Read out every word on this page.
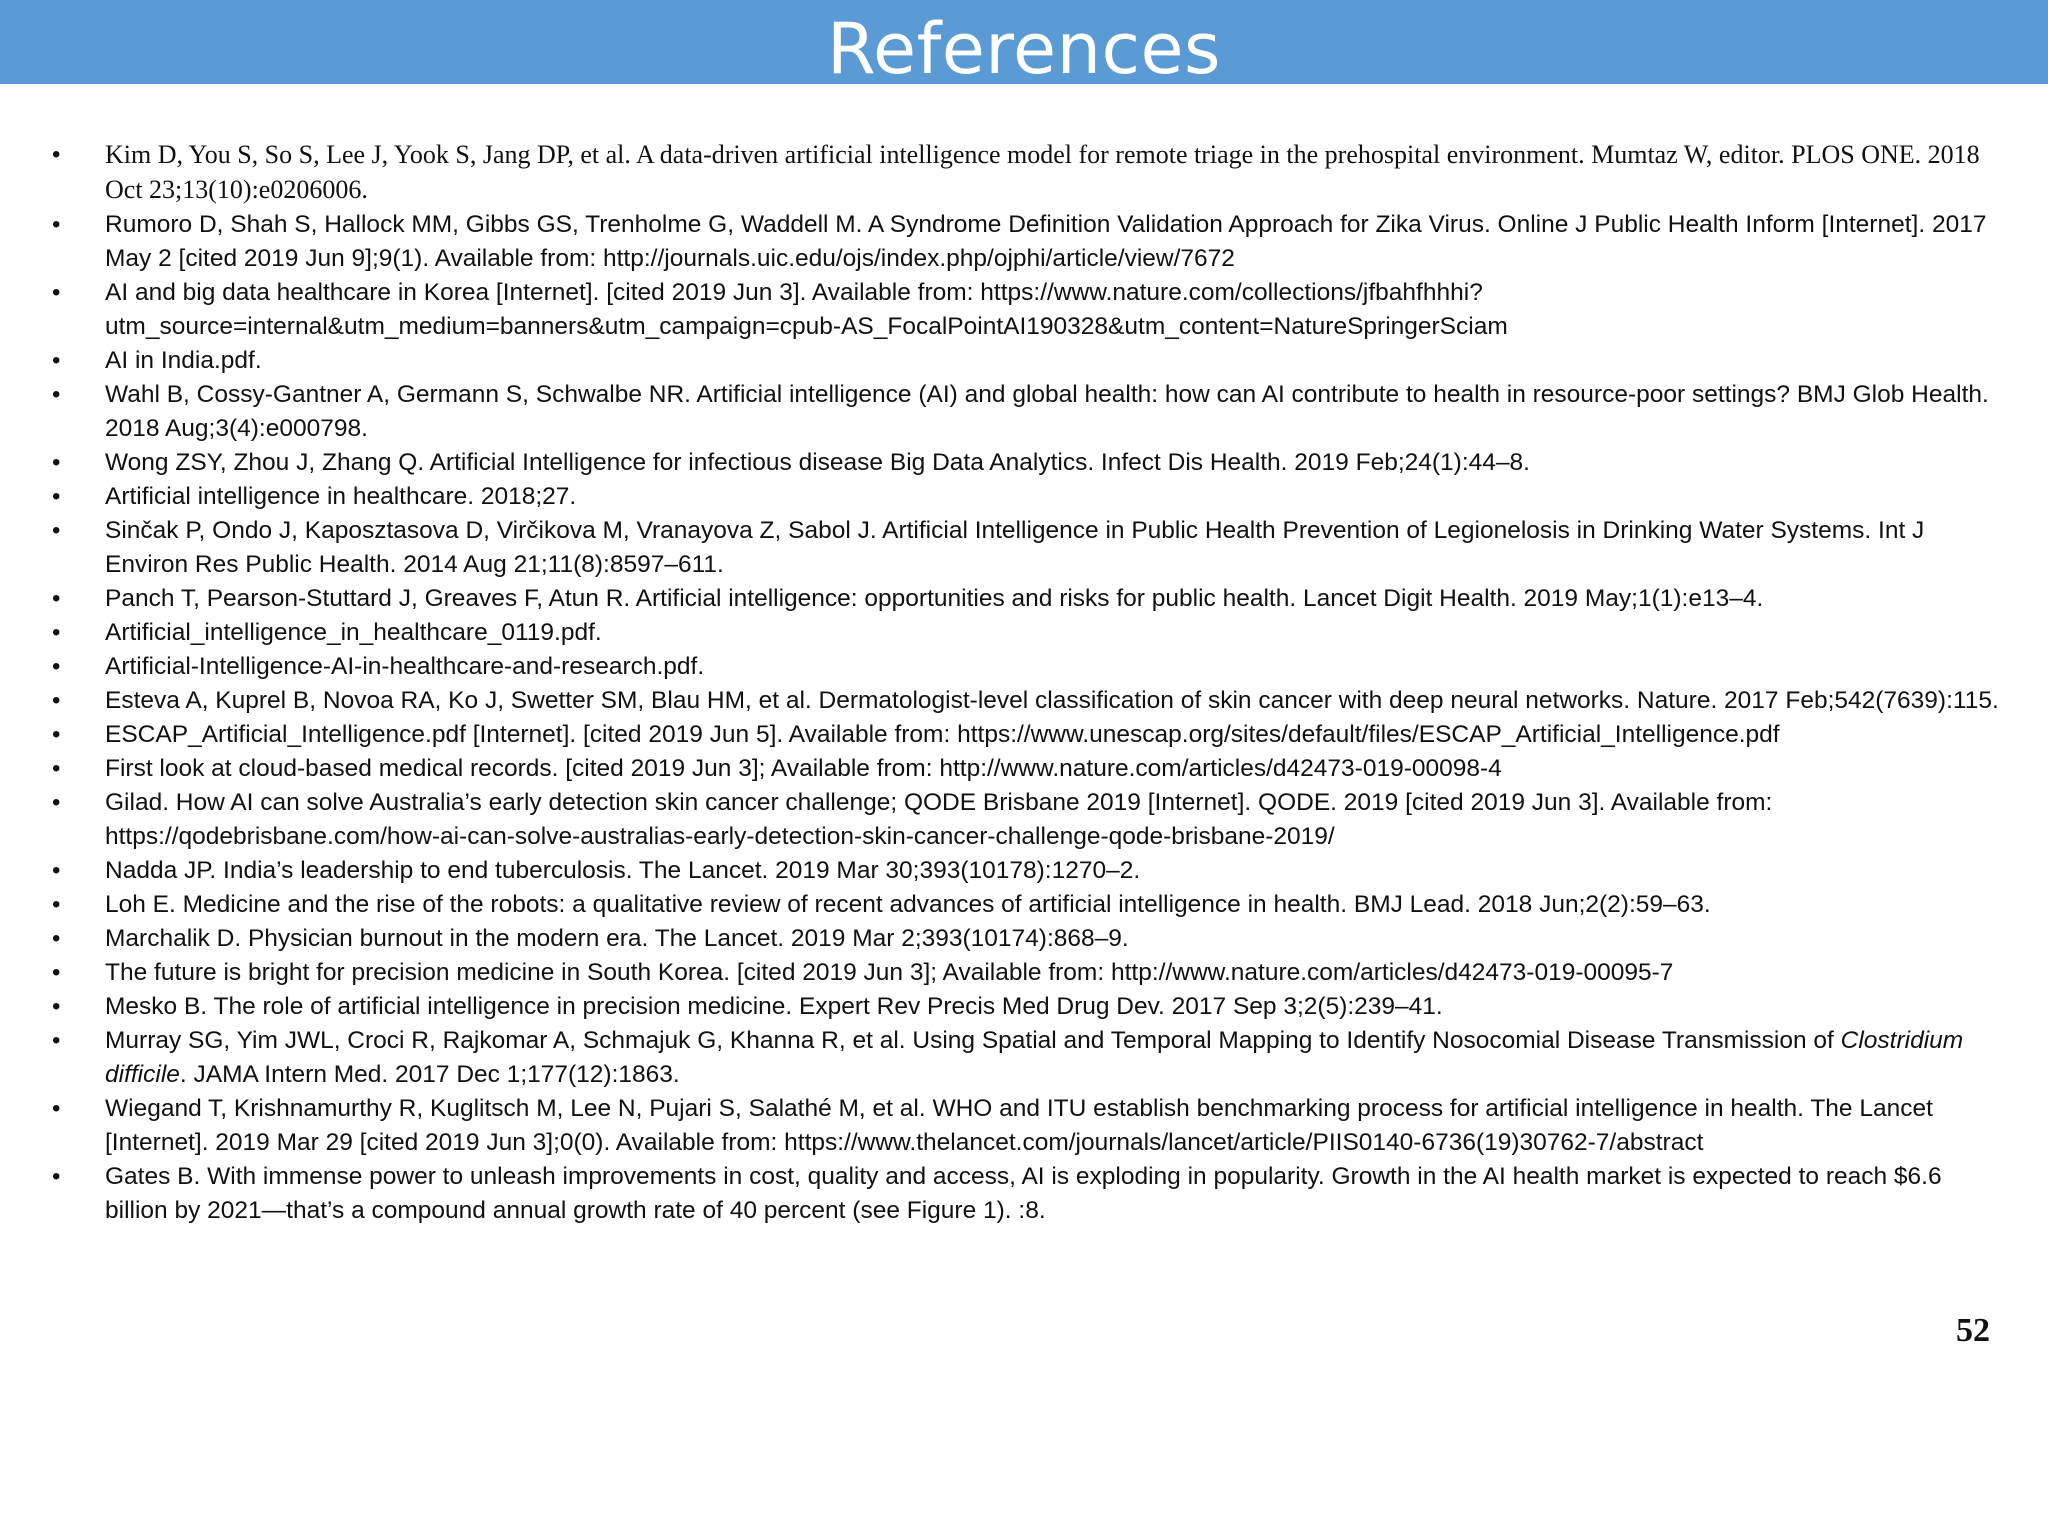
References
• Kim D, You S, So S, Lee J, Yook S, Jang DP, et al. A data-driven artificial intelligence model for remote triage in the prehospital environment. Mumtaz W, editor. PLOS ONE. 2018 Oct 23;13(10):e0206006.
• Rumoro D, Shah S, Hallock MM, Gibbs GS, Trenholme G, Waddell M. A Syndrome Definition Validation Approach for Zika Virus. Online J Public Health Inform [Internet]. 2017 May 2 [cited 2019 Jun 9];9(1). Available from: http://journals.uic.edu/ojs/index.php/ojphi/article/view/7672
• AI and big data healthcare in Korea [Internet]. [cited 2019 Jun 3]. Available from: https://www.nature.com/collections/jfbahfhhhi?utm_source=internal&utm_medium=banners&utm_campaign=cpub-AS_FocalPointAI190328&utm_content=NatureSpringerSciam
• AI in India.pdf.
• Wahl B, Cossy-Gantner A, Germann S, Schwalbe NR. Artificial intelligence (AI) and global health: how can AI contribute to health in resource-poor settings? BMJ Glob Health. 2018 Aug;3(4):e000798.
• Wong ZSY, Zhou J, Zhang Q. Artificial Intelligence for infectious disease Big Data Analytics. Infect Dis Health. 2019 Feb;24(1):44–8.
• Artificial intelligence in healthcare. 2018;27.
• Sinčak P, Ondo J, Kaposztasova D, Virčikova M, Vranayova Z, Sabol J. Artificial Intelligence in Public Health Prevention of Legionelosis in Drinking Water Systems. Int J Environ Res Public Health. 2014 Aug 21;11(8):8597–611.
• Panch T, Pearson-Stuttard J, Greaves F, Atun R. Artificial intelligence: opportunities and risks for public health. Lancet Digit Health. 2019 May;1(1):e13–4.
• Artificial_intelligence_in_healthcare_0119.pdf.
• Artificial-Intelligence-AI-in-healthcare-and-research.pdf.
• Esteva A, Kuprel B, Novoa RA, Ko J, Swetter SM, Blau HM, et al. Dermatologist-level classification of skin cancer with deep neural networks. Nature. 2017 Feb;542(7639):115.
• ESCAP_Artificial_Intelligence.pdf [Internet]. [cited 2019 Jun 5]. Available from: https://www.unescap.org/sites/default/files/ESCAP_Artificial_Intelligence.pdf
• First look at cloud-based medical records. [cited 2019 Jun 3]; Available from: http://www.nature.com/articles/d42473-019-00098-4
• Gilad. How AI can solve Australia’s early detection skin cancer challenge; QODE Brisbane 2019 [Internet]. QODE. 2019 [cited 2019 Jun 3]. Available from: https://qodebrisbane.com/how-ai-can-solve-australias-early-detection-skin-cancer-challenge-qode-brisbane-2019/
• Nadda JP. India’s leadership to end tuberculosis. The Lancet. 2019 Mar 30;393(10178):1270–2.
• Loh E. Medicine and the rise of the robots: a qualitative review of recent advances of artificial intelligence in health. BMJ Lead. 2018 Jun;2(2):59–63.
• Marchalik D. Physician burnout in the modern era. The Lancet. 2019 Mar 2;393(10174):868–9.
• The future is bright for precision medicine in South Korea. [cited 2019 Jun 3]; Available from: http://www.nature.com/articles/d42473-019-00095-7
• Mesko B. The role of artificial intelligence in precision medicine. Expert Rev Precis Med Drug Dev. 2017 Sep 3;2(5):239–41.
• Murray SG, Yim JWL, Croci R, Rajkomar A, Schmajuk G, Khanna R, et al. Using Spatial and Temporal Mapping to Identify Nosocomial Disease Transmission of Clostridium difficile. JAMA Intern Med. 2017 Dec 1;177(12):1863.
• Wiegand T, Krishnamurthy R, Kuglitsch M, Lee N, Pujari S, Salathé M, et al. WHO and ITU establish benchmarking process for artificial intelligence in health. The Lancet [Internet]. 2019 Mar 29 [cited 2019 Jun 3];0(0). Available from: https://www.thelancet.com/journals/lancet/article/PIIS0140-6736(19)30762-7/abstract
• Gates B. With immense power to unleash improvements in cost, quality and access, AI is exploding in popularity. Growth in the AI health market is expected to reach $6.6 billion by 2021—that’s a compound annual growth rate of 40 percent (see Figure 1). :8.
52
